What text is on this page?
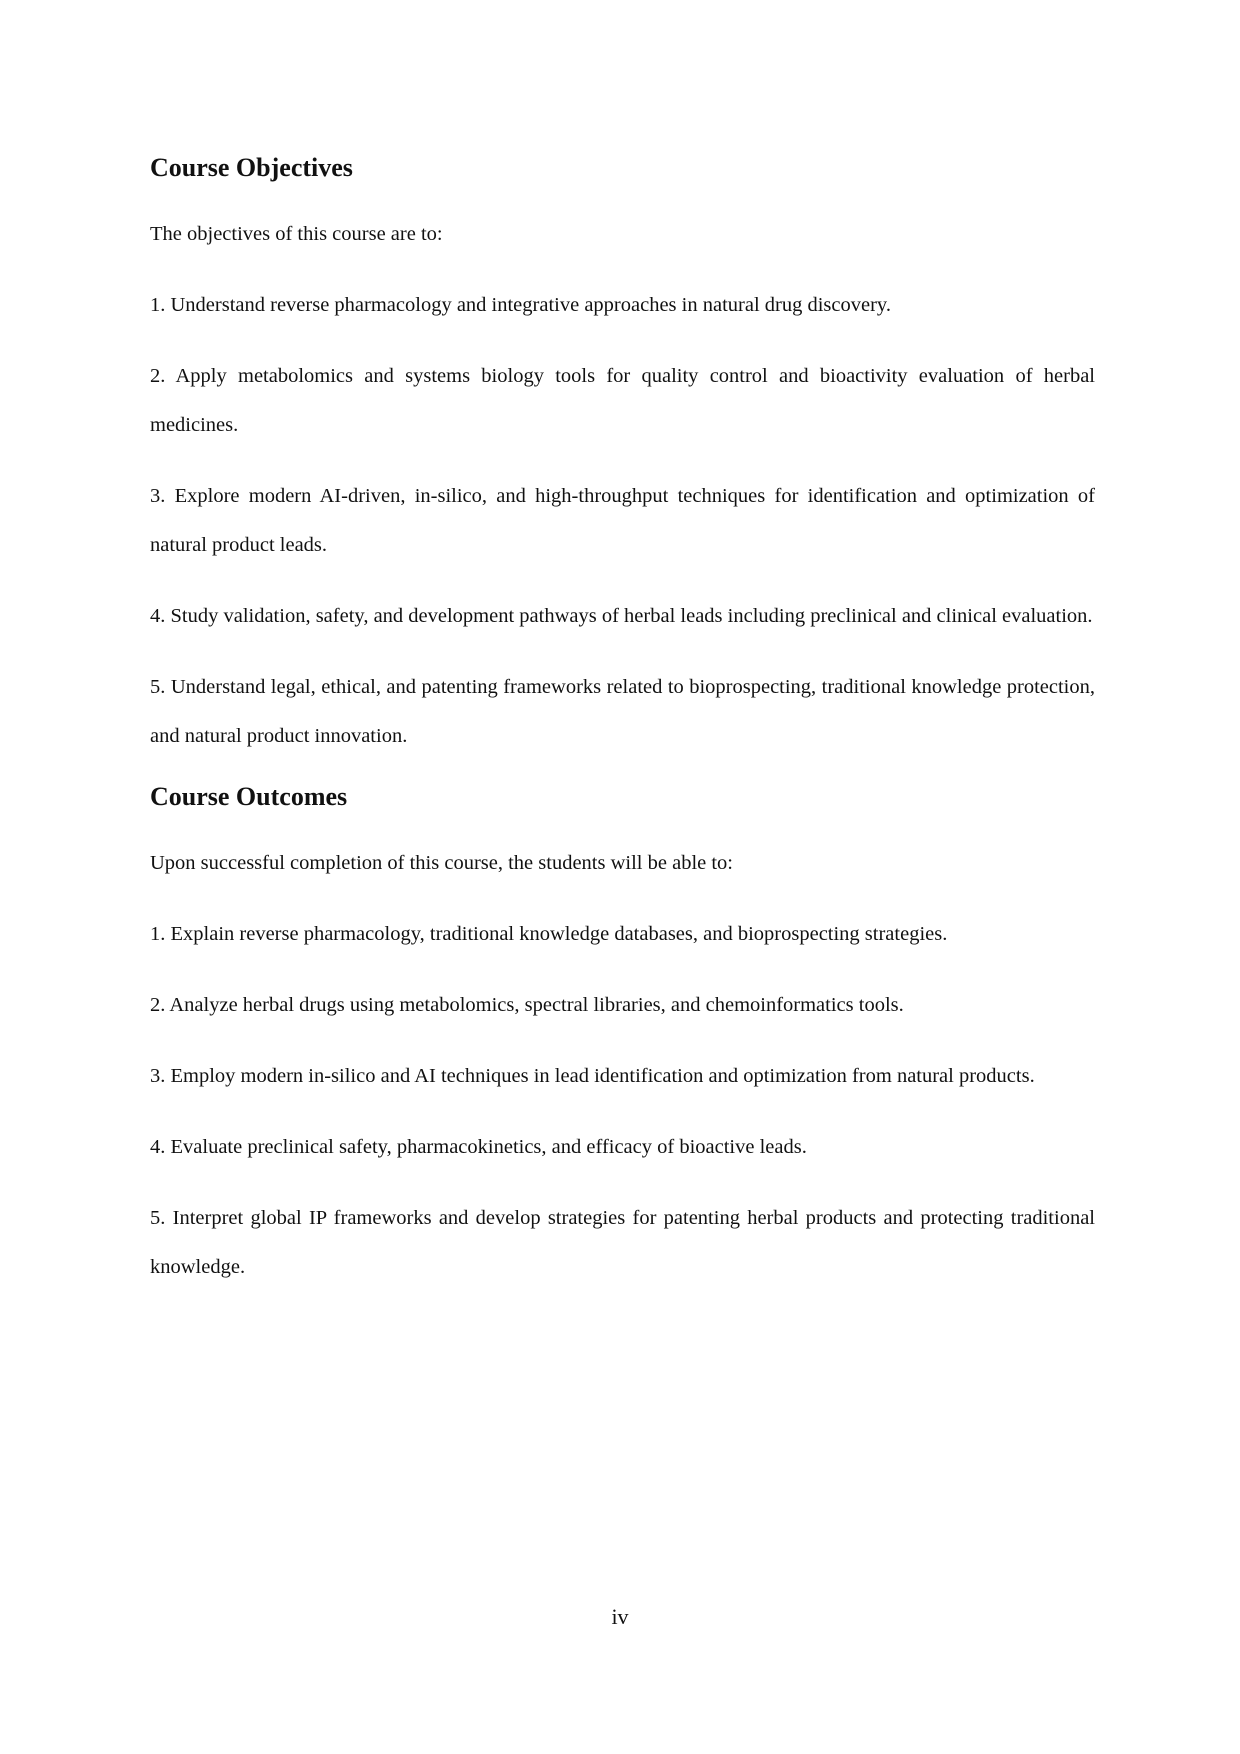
Course Objectives

The objectives of this course are to:

1. Understand reverse pharmacology and integrative approaches in natural drug discovery.

2. Apply metabolomics and systems biology tools for quality control and bioactivity evaluation of herbal medicines.

3. Explore modern AI-driven, in-silico, and high-throughput techniques for identification and optimization of natural product leads.

4. Study validation, safety, and development pathways of herbal leads including preclinical and clinical evaluation.

5. Understand legal, ethical, and patenting frameworks related to bioprospecting, traditional knowledge protection, and natural product innovation.

Course Outcomes

Upon successful completion of this course, the students will be able to:

1. Explain reverse pharmacology, traditional knowledge databases, and bioprospecting strategies.

2. Analyze herbal drugs using metabolomics, spectral libraries, and chemoinformatics tools.

3. Employ modern in-silico and AI techniques in lead identification and optimization from natural products.

4. Evaluate preclinical safety, pharmacokinetics, and efficacy of bioactive leads.

5. Interpret global IP frameworks and develop strategies for patenting herbal products and protecting traditional knowledge.

iv
